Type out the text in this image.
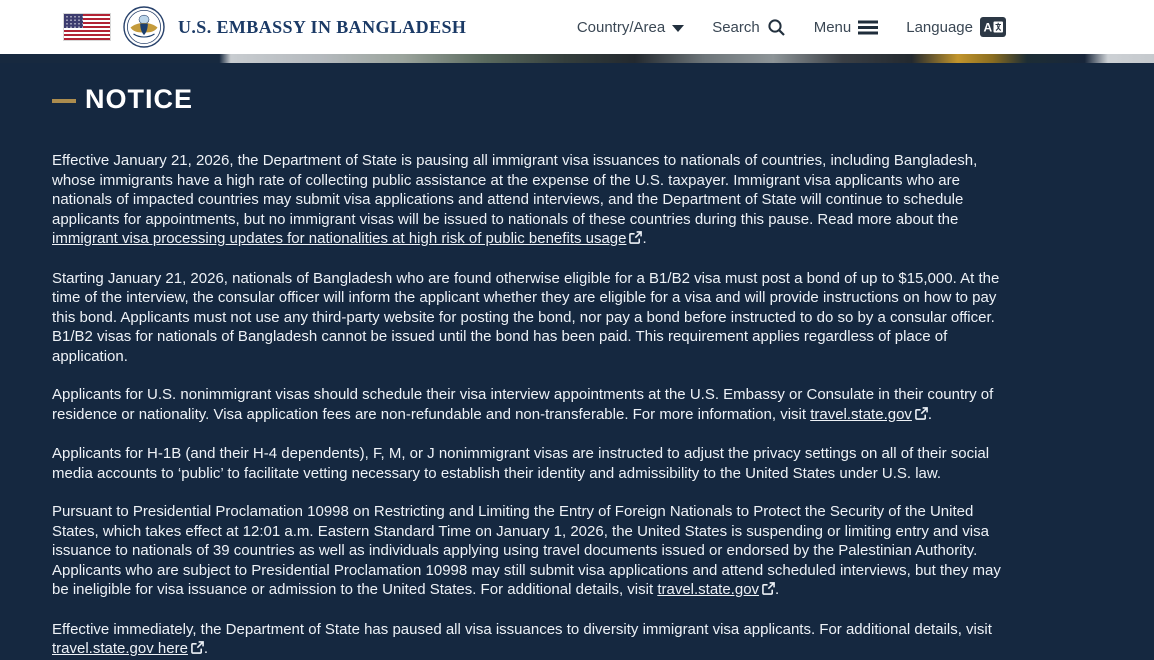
U.S. EMBASSY IN BANGLADESH	Country/Area	Search	Menu	Language A
NOTICE

Effective January 21, 2026, the Department of State is pausing all immigrant visa issuances to nationals of countries, including Bangladesh, whose immigrants have a high rate of collecting public assistance at the expense of the U.S. taxpayer. Immigrant visa applicants who are nationals of impacted countries may submit visa applications and attend interviews, and the Department of State will continue to schedule applicants for appointments, but no immigrant visas will be issued to nationals of these countries during this pause. Read more about the immigrant visa processing updates for nationalities at high risk of public benefits usage .

Starting January 21, 2026, nationals of Bangladesh who are found otherwise eligible for a B1/B2 visa must post a bond of up to $15,000. At the time of the interview, the consular officer will inform the applicant whether they are eligible for a visa and will provide instructions on how to pay this bond. Applicants must not use any third-party website for posting the bond, nor pay a bond before instructed to do so by a consular officer. B1/B2 visas for nationals of Bangladesh cannot be issued until the bond has been paid. This requirement applies regardless of place of application.

Applicants for U.S. nonimmigrant visas should schedule their visa interview appointments at the U.S. Embassy or Consulate in their country of residence or nationality. Visa application fees are non-refundable and non-transferable. For more information, visit travel.state.gov .

Applicants for H-1B (and their H-4 dependents), F, M, or J nonimmigrant visas are instructed to adjust the privacy settings on all of their social media accounts to ‘public’ to facilitate vetting necessary to establish their identity and admissibility to the United States under U.S. law.

Pursuant to Presidential Proclamation 10998 on Restricting and Limiting the Entry of Foreign Nationals to Protect the Security of the United States, which takes effect at 12:01 a.m. Eastern Standard Time on January 1, 2026, the United States is suspending or limiting entry and visa issuance to nationals of 39 countries as well as individuals applying using travel documents issued or endorsed by the Palestinian Authority. Applicants who are subject to Presidential Proclamation 10998 may still submit visa applications and attend scheduled interviews, but they may be ineligible for visa issuance or admission to the United States. For additional details, visit travel.state.gov .

Effective immediately, the Department of State has paused all visa issuances to diversity immigrant visa applicants. For additional details, visit travel.state.gov here .
